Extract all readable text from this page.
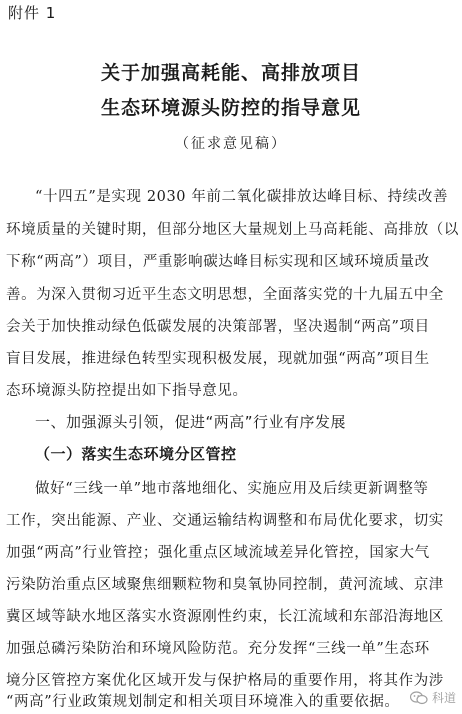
附件 1
关于加强高耗能、高排放项目
生态环境源头防控的指导意见
（征求意见稿）
“十四五”是实现 2030 年前二氧化碳排放达峰目标、持续改善
环境质量的关键时期，但部分地区大量规划上马高耗能、高排放（以
下称“两高”）项目，严重影响碳达峰目标实现和区域环境质量改
善。为深入贯彻习近平生态文明思想，全面落实党的十九届五中全
会关于加快推动绿色低碳发展的决策部署，坚决遏制“两高”项目
盲目发展，推进绿色转型实现积极发展，现就加强“两高”项目生
态环境源头防控提出如下指导意见。
一、加强源头引领，促进“两高”行业有序发展
（一）落实生态环境分区管控
做好“三线一单”地市落地细化、实施应用及后续更新调整等
工作，突出能源、产业、交通运输结构调整和布局优化要求，切实
加强“两高”行业管控；强化重点区域流域差异化管控，国家大气
污染防治重点区域聚焦细颗粒物和臭氧协同控制，黄河流域、京津
冀区域等缺水地区落实水资源刚性约束，长江流域和东部沿海地区
加强总磷污染防治和环境风险防范。充分发挥“三线一单”生态环
境分区管控方案优化区域开发与保护格局的重要作用，将其作为涉
“两高”行业政策规划制定和相关项目环境准入的重要依据。	科道
